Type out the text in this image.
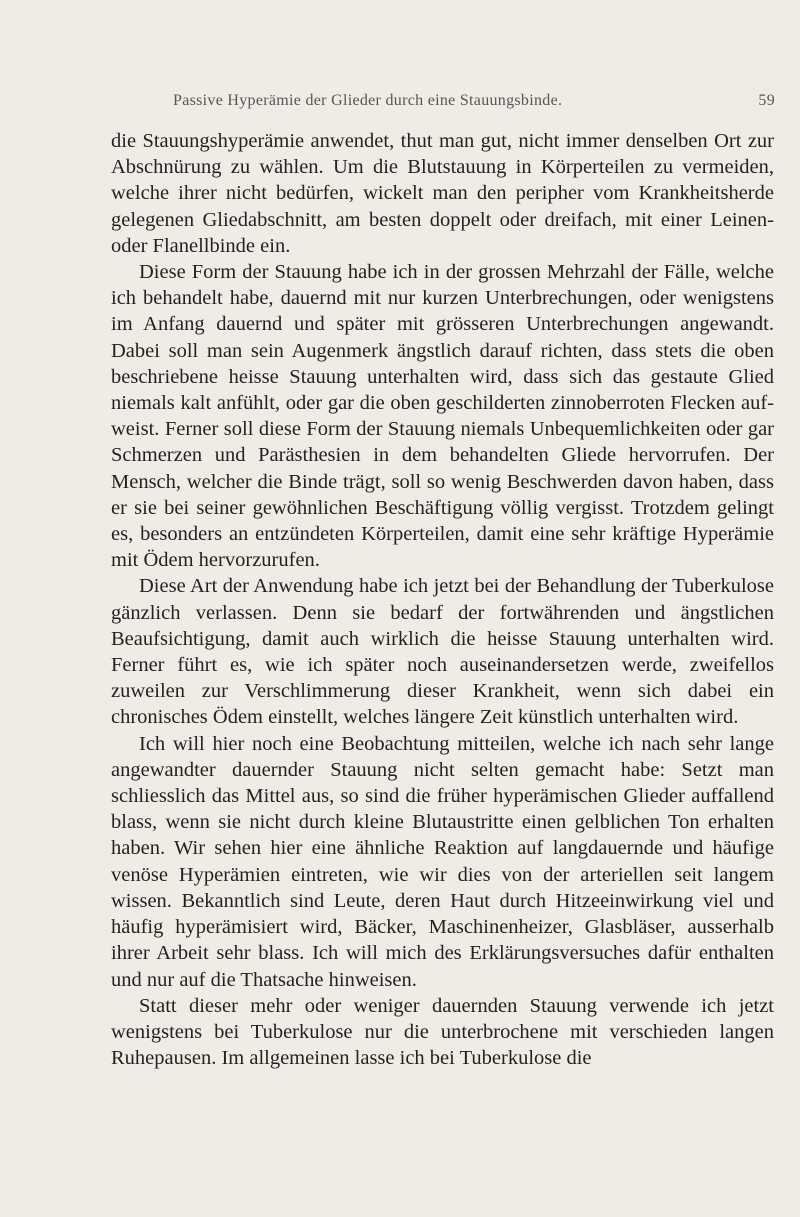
Passive Hyperämie der Glieder durch eine Stauungsbinde.	59

die Stauungshyperämie anwendet, thut man gut, nicht immer denselben Ort zur Abschnürung zu wählen. Um die Blutstauung in Körperteilen zu vermeiden, welche ihrer nicht bedürfen, wickelt man den peripher vom Krankheitsherde gelegenen Gliedabschnitt, am besten doppelt oder dreifach, mit einer Leinen- oder Flanellbinde ein.

Diese Form der Stauung habe ich in der grossen Mehrzahl der Fälle, welche ich behandelt habe, dauernd mit nur kurzen Unterbrechungen, oder wenigstens im Anfang dauernd und später mit grösseren Unterbrechungen angewandt. Dabei soll man sein Augenmerk ängstlich darauf richten, dass stets die oben beschriebene heisse Stauung unterhalten wird, dass sich das gestaute Glied niemals kalt anfühlt, oder gar die oben geschilderten zinnoberroten Flecken aufweist. Ferner soll diese Form der Stauung niemals Unbequemlichkeiten oder gar Schmerzen und Parästhesien in dem behandelten Gliede hervorrufen. Der Mensch, welcher die Binde trägt, soll so wenig Beschwerden davon haben, dass er sie bei seiner gewöhnlichen Beschäftigung völlig vergisst. Trotzdem gelingt es, besonders an entzündeten Körperteilen, damit eine sehr kräftige Hyperämie mit Ödem hervorzurufen.

Diese Art der Anwendung habe ich jetzt bei der Behandlung der Tuberkulose gänzlich verlassen. Denn sie bedarf der fortwährenden und ängstlichen Beaufsichtigung, damit auch wirklich die heisse Stauung unterhalten wird. Ferner führt es, wie ich später noch auseinandersetzen werde, zweifellos zuweilen zur Verschlimmerung dieser Krankheit, wenn sich dabei ein chronisches Ödem einstellt, welches längere Zeit künstlich unterhalten wird.

Ich will hier noch eine Beobachtung mitteilen, welche ich nach sehr lange angewandter dauernder Stauung nicht selten gemacht habe: Setzt man schliesslich das Mittel aus, so sind die früher hyperämischen Glieder auffallend blass, wenn sie nicht durch kleine Blutaustritte einen gelblichen Ton erhalten haben. Wir sehen hier eine ähnliche Reaktion auf langdauernde und häufige venöse Hyperämien eintreten, wie wir dies von der arteriellen seit langem wissen. Bekanntlich sind Leute, deren Haut durch Hitzeeinwirkung viel und häufig hyperämisiert wird, Bäcker, Maschinenheizer, Glasbläser, ausserhalb ihrer Arbeit sehr blass. Ich will mich des Erklärungsversuches dafür enthalten und nur auf die Thatsache hinweisen.

Statt dieser mehr oder weniger dauernden Stauung verwende ich jetzt wenigstens bei Tuberkulose nur die unterbrochene mit verschieden langen Ruhepausen. Im allgemeinen lasse ich bei Tuberkulose die
